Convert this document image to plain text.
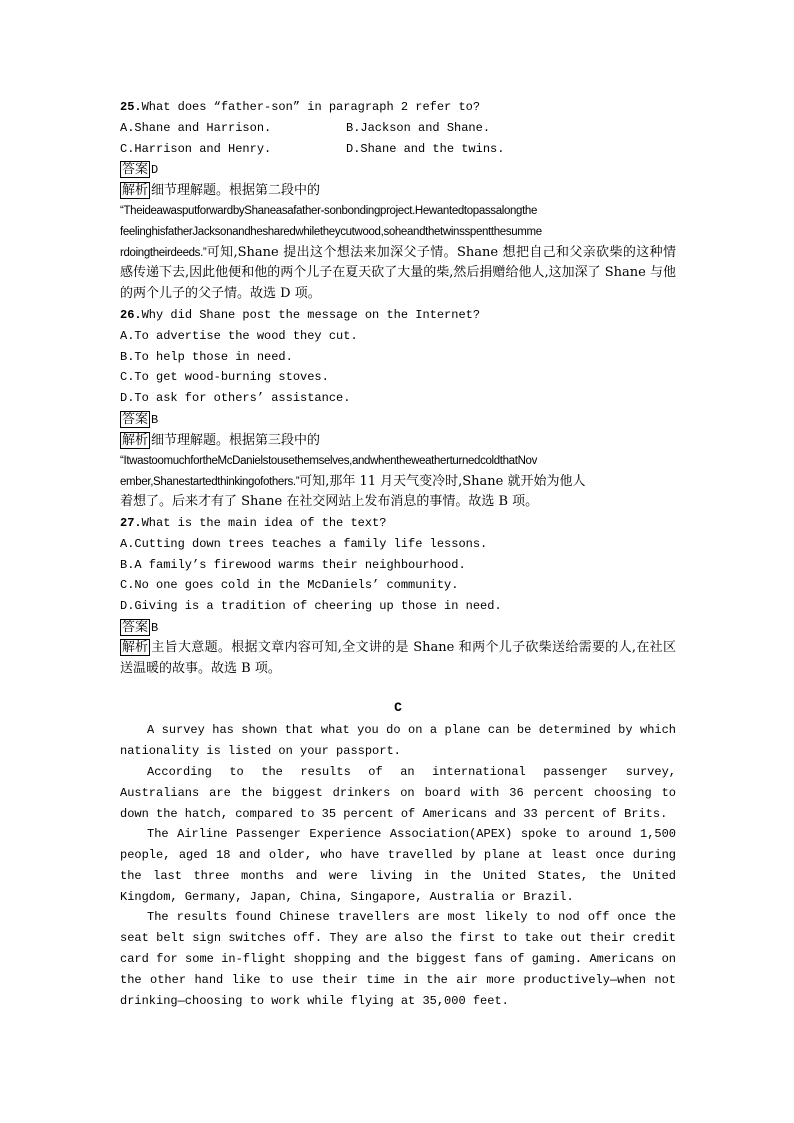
25.What does “father-son” in paragraph 2 refer to?
A.Shane and Harrison.	B.Jackson and Shane.
C.Harrison and Henry.	D.Shane and the twins.
答案 D
解析 细节理解题。根据第二段中的
“TheideawasputforwardbyShaneasafather-sonbondingproject.Hewantedtopassalongthe
feelinghisfatherJacksonandhesharedwhiletheycutwood,soheandthetwinsspentthesumme
rdoingtheirdeeds.”可知,Shane 提出这个想法来加深父子情。Shane 想把自己和父亲砍柴的这种情感传递下去,因此他便和他的两个儿子在夏天砍了大量的柴,然后捐赠给他人,这加深了 Shane 与他的两个儿子的父子情。故选 D 项。
26.Why did Shane post the message on the Internet?
A.To advertise the wood they cut.
B.To help those in need.
C.To get wood-burning stoves.
D.To ask for others’ assistance.
答案 B
解析 细节理解题。根据第三段中的
“ItwastoomuchfortheMcDanielstousethemselves,andwhentheweatherturnedcoldthatNov
ember,Shanestartedthinkingofothers.”可知,那年 11 月天气变冷时,Shane 就开始为他人
着想了。后来才有了 Shane 在社交网站上发布消息的事情。故选 B 项。
27.What is the main idea of the text?
A.Cutting down trees teaches a family life lessons.
B.A family’s firewood warms their neighbourhood.
C.No one goes cold in the McDaniels’ community.
D.Giving is a tradition of cheering up those in need.
答案 B
解析 主旨大意题。根据文章内容可知,全文讲的是 Shane 和两个儿子砍柴送给需要的人,在社区送温暖的故事。故选 B 项。
C
A survey has shown that what you do on a plane can be determined by which nationality is listed on your passport.
According to the results of an international passenger survey, Australians are the biggest drinkers on board with 36 percent choosing to down the hatch, compared to 35 percent of Americans and 33 percent of Brits.
The Airline Passenger Experience Association(APEX) spoke to around 1,500 people, aged 18 and older, who have travelled by plane at least once during the last three months and were living in the United States, the United Kingdom, Germany, Japan, China, Singapore, Australia or Brazil.
The results found Chinese travellers are most likely to nod off once the seat belt sign switches off. They are also the first to take out their credit card for some in-flight shopping and the biggest fans of gaming. Americans on the other hand like to use their time in the air more productively—when not drinking—choosing to work while flying at 35,000 feet.
